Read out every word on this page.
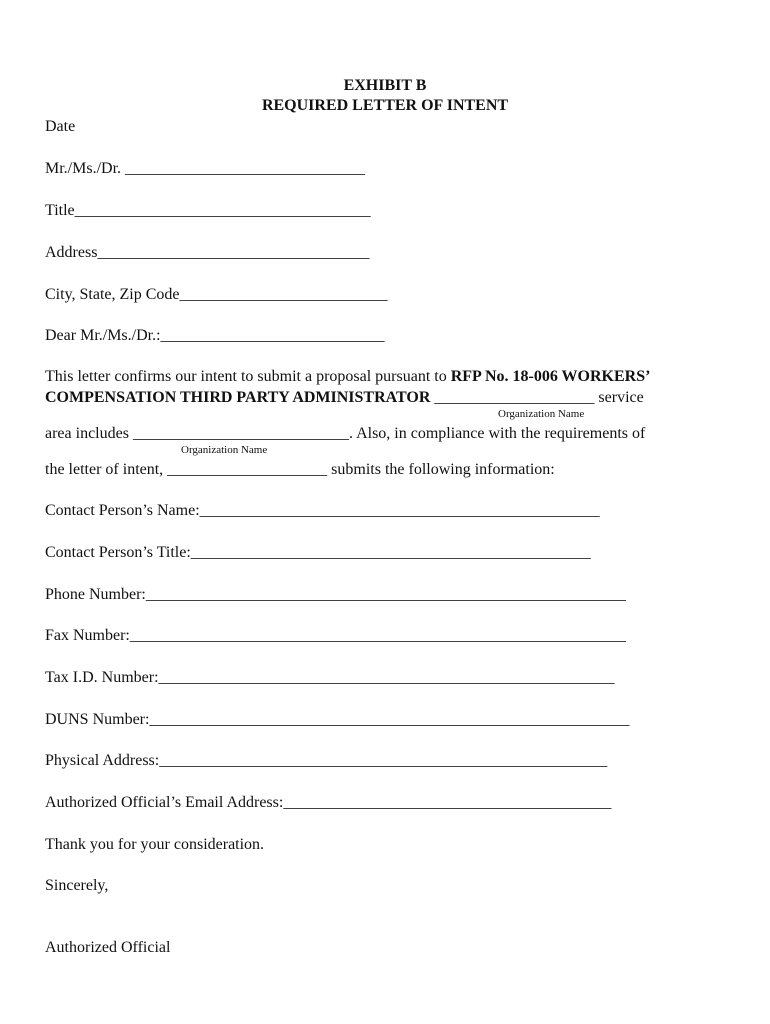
EXHIBIT B
REQUIRED LETTER OF INTENT
Date
Mr./Ms./Dr. ______________________________
Title_____________________________________
Address__________________________________
City, State, Zip Code__________________________
Dear Mr./Ms./Dr.:____________________________
This letter confirms our intent to submit a proposal pursuant to RFP No. 18-006 WORKERS’
COMPENSATION THIRD PARTY ADMINISTRATOR ____________________ service
Organization Name
area includes ___________________________. Also, in compliance with the requirements of
Organization Name
the letter of intent, ____________________ submits the following information:
Contact Person’s Name:__________________________________________________
Contact Person’s Title:__________________________________________________
Phone Number:____________________________________________________________
Fax Number:______________________________________________________________
Tax I.D. Number:_________________________________________________________
DUNS Number:____________________________________________________________
Physical Address:________________________________________________________
Authorized Official’s Email Address:_________________________________________
Thank you for your consideration.
Sincerely,
Authorized Official
